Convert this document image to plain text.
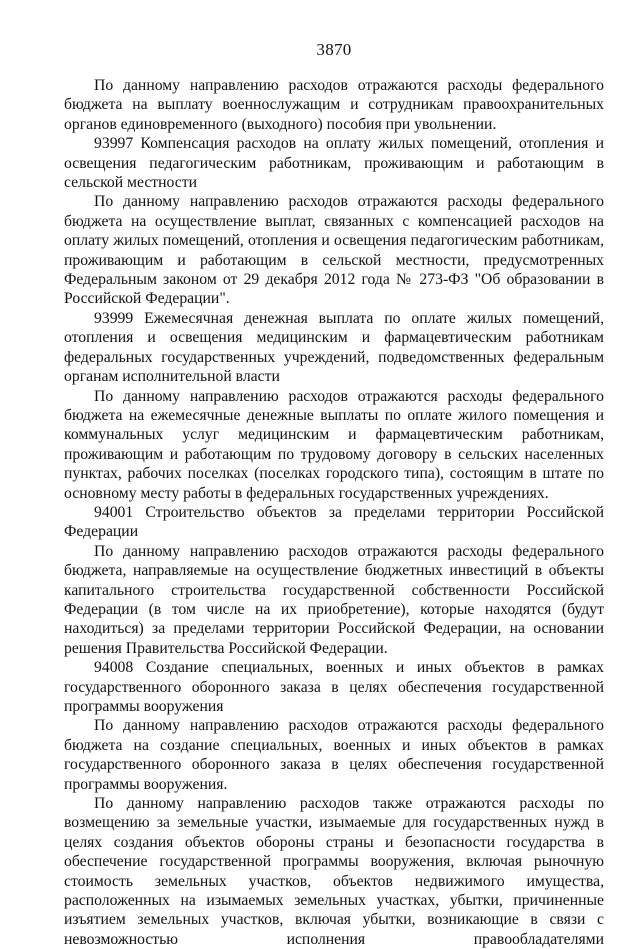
3870

По данному направлению расходов отражаются расходы федерального бюджета на выплату военнослужащим и сотрудникам правоохранительных органов единовременного (выходного) пособия при увольнении.

93997 Компенсация расходов на оплату жилых помещений, отопления и освещения педагогическим работникам, проживающим и работающим в сельской местности

По данному направлению расходов отражаются расходы федерального бюджета на осуществление выплат, связанных с компенсацией расходов на оплату жилых помещений, отопления и освещения педагогическим работникам, проживающим и работающим в сельской местности, предусмотренных Федеральным законом от 29 декабря 2012 года № 273-ФЗ "Об образовании в Российской Федерации".

93999 Ежемесячная денежная выплата по оплате жилых помещений, отопления и освещения медицинским и фармацевтическим работникам федеральных государственных учреждений, подведомственных федеральным органам исполнительной власти

По данному направлению расходов отражаются расходы федерального бюджета на ежемесячные денежные выплаты по оплате жилого помещения и коммунальных услуг медицинским и фармацевтическим работникам, проживающим и работающим по трудовому договору в сельских населенных пунктах, рабочих поселках (поселках городского типа), состоящим в штате по основному месту работы в федеральных государственных учреждениях.

94001 Строительство объектов за пределами территории Российской Федерации

По данному направлению расходов отражаются расходы федерального бюджета, направляемые на осуществление бюджетных инвестиций в объекты капитального строительства государственной собственности Российской Федерации (в том числе на их приобретение), которые находятся (будут находиться) за пределами территории Российской Федерации, на основании решения Правительства Российской Федерации.

94008 Создание специальных, военных и иных объектов в рамках государственного оборонного заказа в целях обеспечения государственной программы вооружения

По данному направлению расходов отражаются расходы федерального бюджета на создание специальных, военных и иных объектов в рамках государственного оборонного заказа в целях обеспечения государственной программы вооружения.

По данному направлению расходов также отражаются расходы по возмещению за земельные участки, изымаемые для государственных нужд в целях создания объектов обороны страны и безопасности государства в обеспечение государственной программы вооружения, включая рыночную стоимость земельных участков, объектов недвижимого имущества, расположенных на изымаемых земельных участках, убытки, причиненные изъятием земельных участков, включая убытки, возникающие в связи с невозможностью исполнения правообладателями
